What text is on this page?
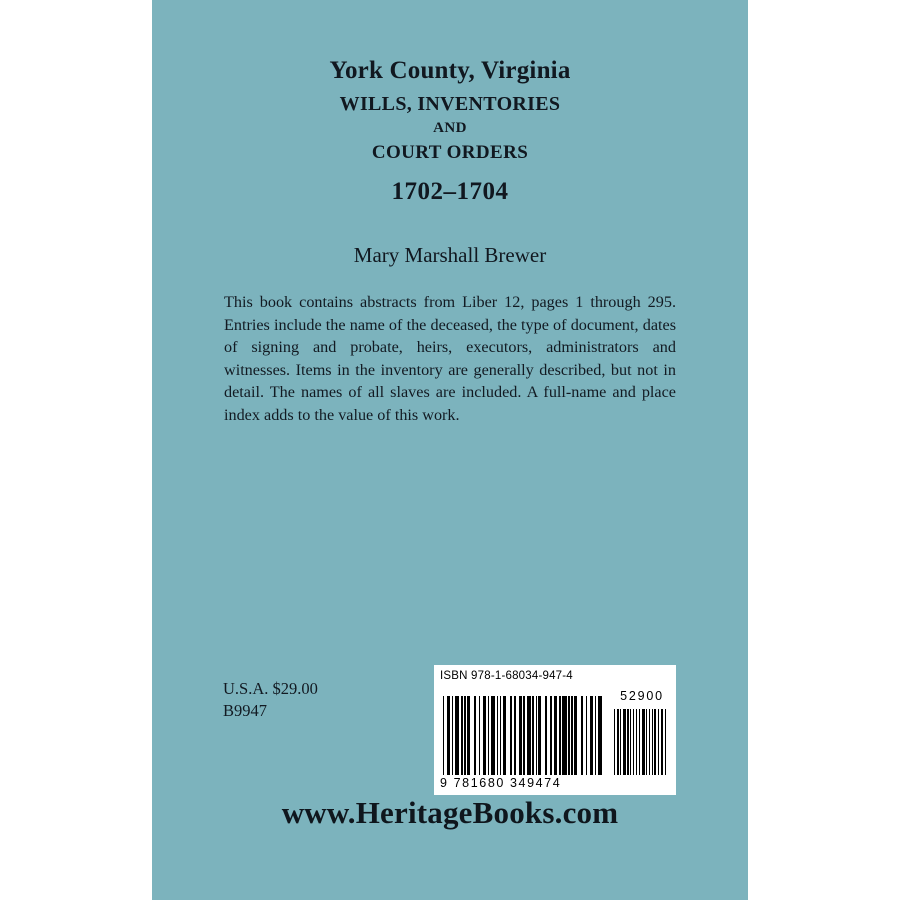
York County, Virginia
WILLS, INVENTORIES
AND
COURT ORDERS
1702–1704
Mary Marshall Brewer
This book contains abstracts from Liber 12, pages 1 through 295. Entries include the name of the deceased, the type of document, dates of signing and probate, heirs, executors, administrators and witnesses. Items in the inventory are generally described, but not in detail. The names of all slaves are included. A full-name and place index adds to the value of this work.
U.S.A. $29.00
B9947
ISBN 978-1-68034-947-4
52900
9 781680 349474
www.HeritageBooks.com
